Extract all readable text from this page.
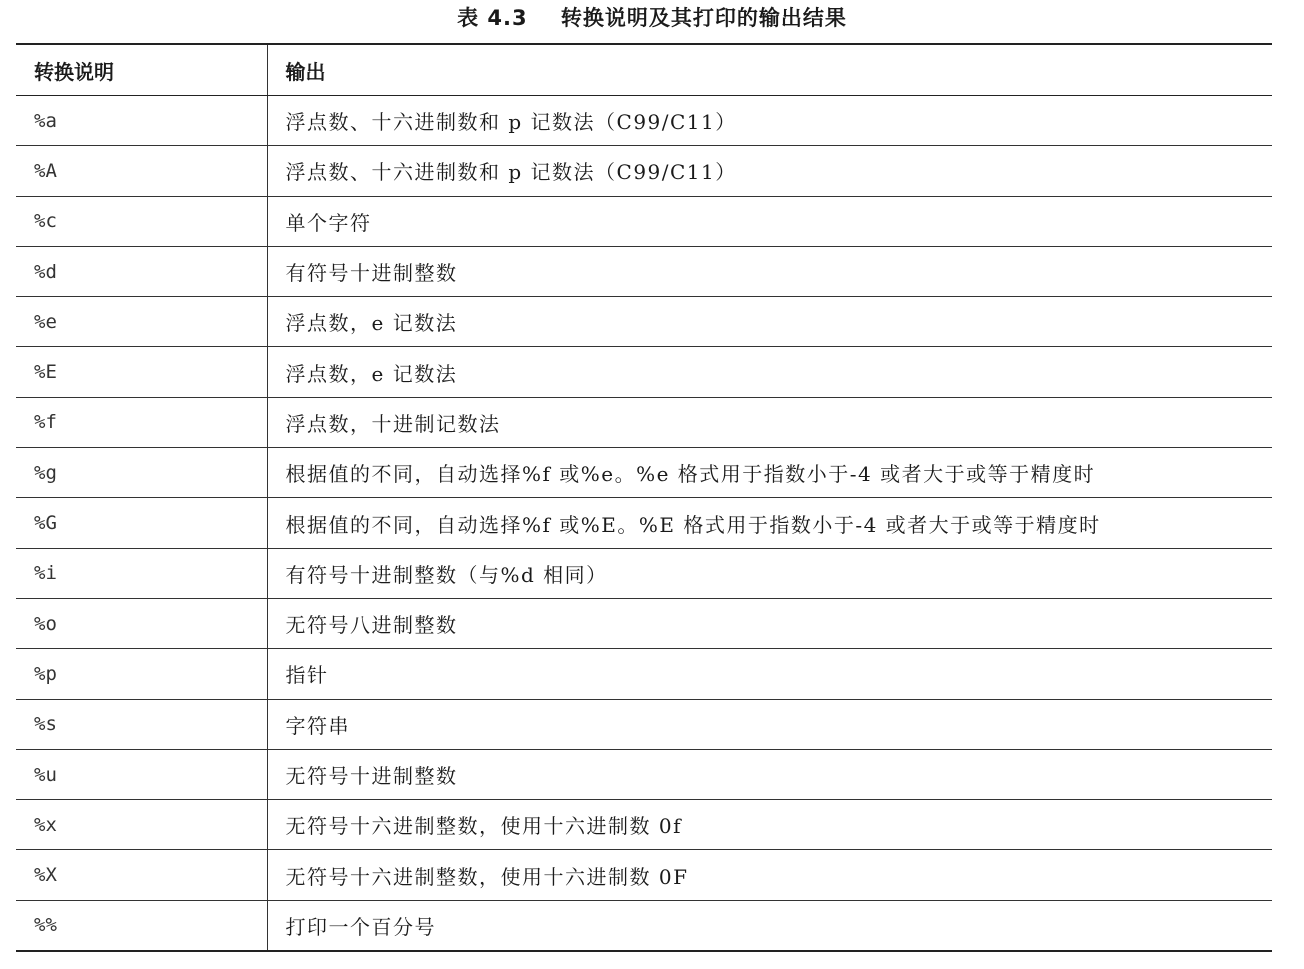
表 4.3    转换说明及其打印的输出结果
转换说明	输出
%a	浮点数、十六进制数和 p 记数法（C99/C11）
%A	浮点数、十六进制数和 p 记数法（C99/C11）
%c	单个字符
%d	有符号十进制整数
%e	浮点数，e 记数法
%E	浮点数，e 记数法
%f	浮点数，十进制记数法
%g	根据值的不同，自动选择%f 或%e。%e 格式用于指数小于-4 或者大于或等于精度时
%G	根据值的不同，自动选择%f 或%E。%E 格式用于指数小于-4 或者大于或等于精度时
%i	有符号十进制整数（与%d 相同）
%o	无符号八进制整数
%p	指针
%s	字符串
%u	无符号十进制整数
%x	无符号十六进制整数，使用十六进制数 0f
%X	无符号十六进制整数，使用十六进制数 0F
%%	打印一个百分号
